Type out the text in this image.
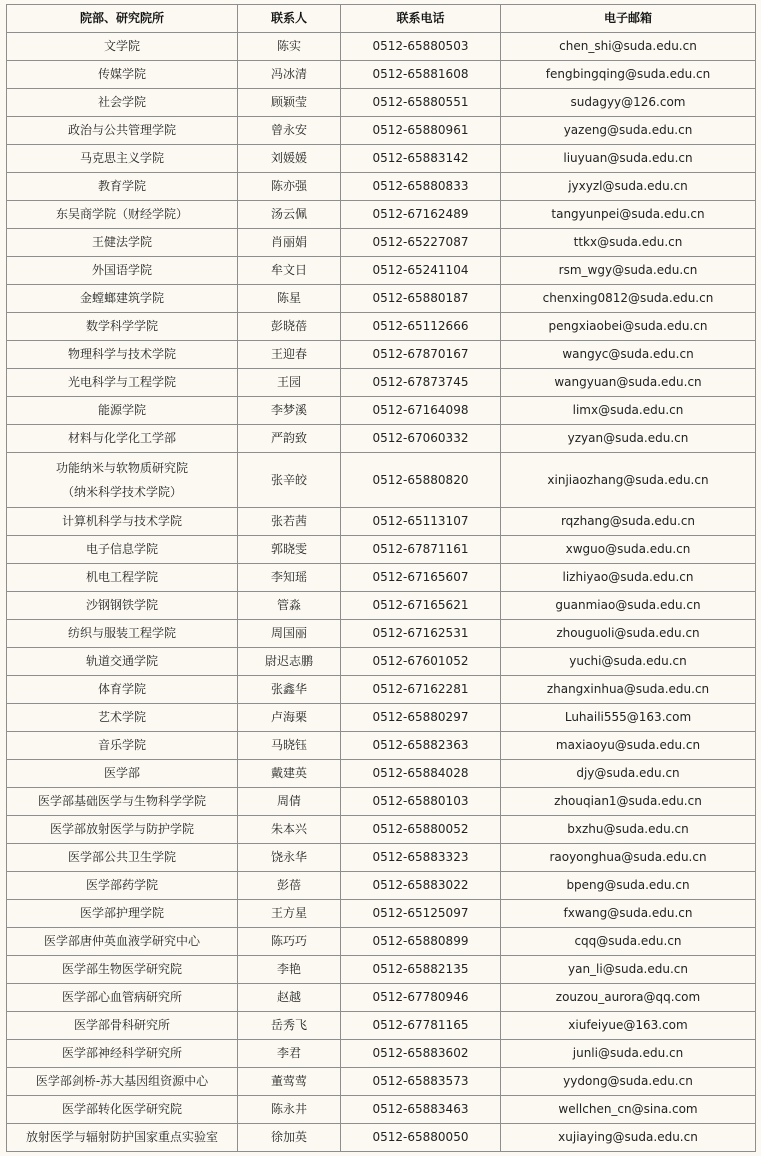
院部、研究院所	联系人	联系电话	电子邮箱

文学院	陈实	0512-65880503	chen_shi@suda.edu.cn

传媒学院	冯冰清	0512-65881608	fengbingqing@suda.edu.cn

社会学院	顾颖莹	0512-65880551	sudagyy@126.com

政治与公共管理学院	曾永安	0512-65880961	yazeng@suda.edu.cn

马克思主义学院	刘媛媛	0512-65883142	liuyuan@suda.edu.cn

教育学院	陈亦强	0512-65880833	jyxyzl@suda.edu.cn

东吴商学院（财经学院）	汤云佩	0512-67162489	tangyunpei@suda.edu.cn

王健法学院	肖丽娟	0512-65227087	ttkx@suda.edu.cn

外国语学院	牟文日	0512-65241104	rsm_wgy@suda.edu.cn

金螳螂建筑学院	陈星	0512-65880187	chenxing0812@suda.edu.cn

数学科学学院	彭晓蓓	0512-65112666	pengxiaobei@suda.edu.cn

物理科学与技术学院	王迎春	0512-67870167	wangyc@suda.edu.cn

光电科学与工程学院	王园	0512-67873745	wangyuan@suda.edu.cn

能源学院	李梦溪	0512-67164098	limx@suda.edu.cn

材料与化学化工学部	严韵致	0512-67060332	yzyan@suda.edu.cn

功能纳米与软物质研究院
（纳米科学技术学院）	张辛皎	0512-65880820	xinjiaozhang@suda.edu.cn

计算机科学与技术学院	张若茜	0512-65113107	rqzhang@suda.edu.cn

电子信息学院	郭晓雯	0512-67871161	xwguo@suda.edu.cn

机电工程学院	李知瑶	0512-67165607	lizhiyao@suda.edu.cn

沙钢钢铁学院	管淼	0512-67165621	guanmiao@suda.edu.cn

纺织与服装工程学院	周国丽	0512-67162531	zhouguoli@suda.edu.cn

轨道交通学院	尉迟志鹏	0512-67601052	yuchi@suda.edu.cn

体育学院	张鑫华	0512-67162281	zhangxinhua@suda.edu.cn

艺术学院	卢海栗	0512-65880297	Luhaili555@163.com

音乐学院	马晓钰	0512-65882363	maxiaoyu@suda.edu.cn

医学部	戴建英	0512-65884028	djy@suda.edu.cn

医学部基础医学与生物科学学院	周倩	0512-65880103	zhouqian1@suda.edu.cn

医学部放射医学与防护学院	朱本兴	0512-65880052	bxzhu@suda.edu.cn

医学部公共卫生学院	饶永华	0512-65883323	raoyonghua@suda.edu.cn

医学部药学院	彭蓓	0512-65883022	bpeng@suda.edu.cn

医学部护理学院	王方星	0512-65125097	fxwang@suda.edu.cn

医学部唐仲英血液学研究中心	陈巧巧	0512-65880899	cqq@suda.edu.cn

医学部生物医学研究院	李艳	0512-65882135	yan_li@suda.edu.cn

医学部心血管病研究所	赵越	0512-67780946	zouzou_aurora@qq.com

医学部骨科研究所	岳秀飞	0512-67781165	xiufeiyue@163.com

医学部神经科学研究所	李君	0512-65883602	junli@suda.edu.cn

医学部剑桥-苏大基因组资源中心	董莺莺	0512-65883573	yydong@suda.edu.cn

医学部转化医学研究院	陈永井	0512-65883463	wellchen_cn@sina.com

放射医学与辐射防护国家重点实验室	徐加英	0512-65880050	xujiaying@suda.edu.cn
